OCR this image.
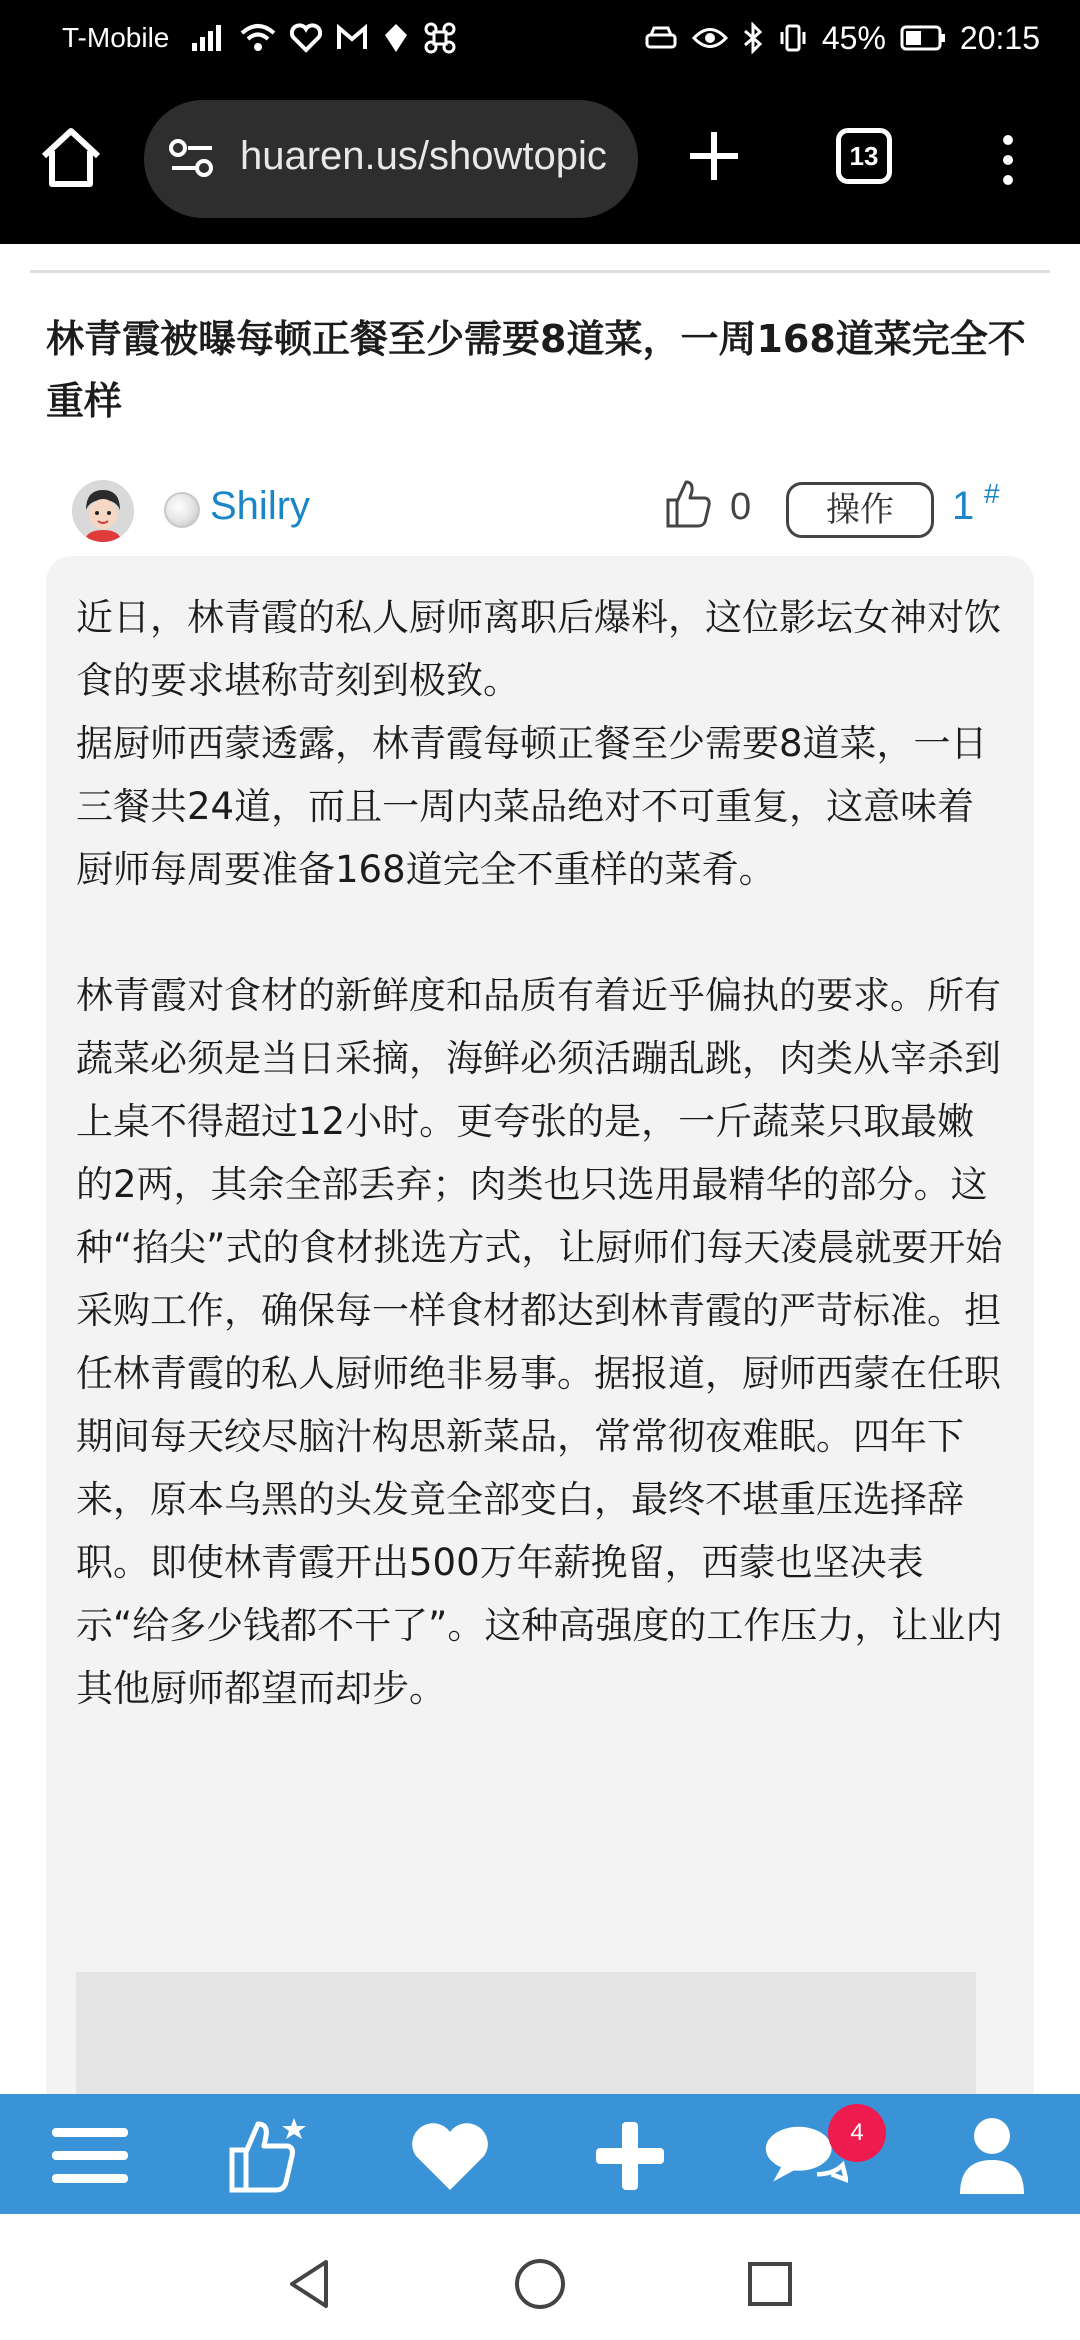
T-Mobile	45% 20:15
huaren.us/showtopic	13
林青霞被曝每顿正餐至少需要8道菜，一周168道菜完全不重样
Shilry	0	操作	1 #

近日，林青霞的私人厨师离职后爆料，这位影坛女神对饮食的要求堪称苛刻到极致。

据厨师西蒙透露，林青霞每顿正餐至少需要8道菜，一日三餐共24道，而且一周内菜品绝对不可重复，这意味着厨师每周要准备168道完全不重样的菜肴。

林青霞对食材的新鲜度和品质有着近乎偏执的要求。所有蔬菜必须是当日采摘，海鲜必须活蹦乱跳，肉类从宰杀到上桌不得超过12小时。更夸张的是，一斤蔬菜只取最嫩的2两，其余全部丢弃；肉类也只选用最精华的部分。这种“掐尖”式的食材挑选方式，让厨师们每天凌晨就要开始采购工作，确保每一样食材都达到林青霞的严苛标准。担任林青霞的私人厨师绝非易事。据报道，厨师西蒙在任职期间每天绞尽脑汁构思新菜品，常常彻夜难眠。四年下来，原本乌黑的头发竟全部变白，最终不堪重压选择辞职。即使林青霞开出500万年薪挽留，西蒙也坚决表示“给多少钱都不干了”。这种高强度的工作压力，让业内其他厨师都望而却步。

4
